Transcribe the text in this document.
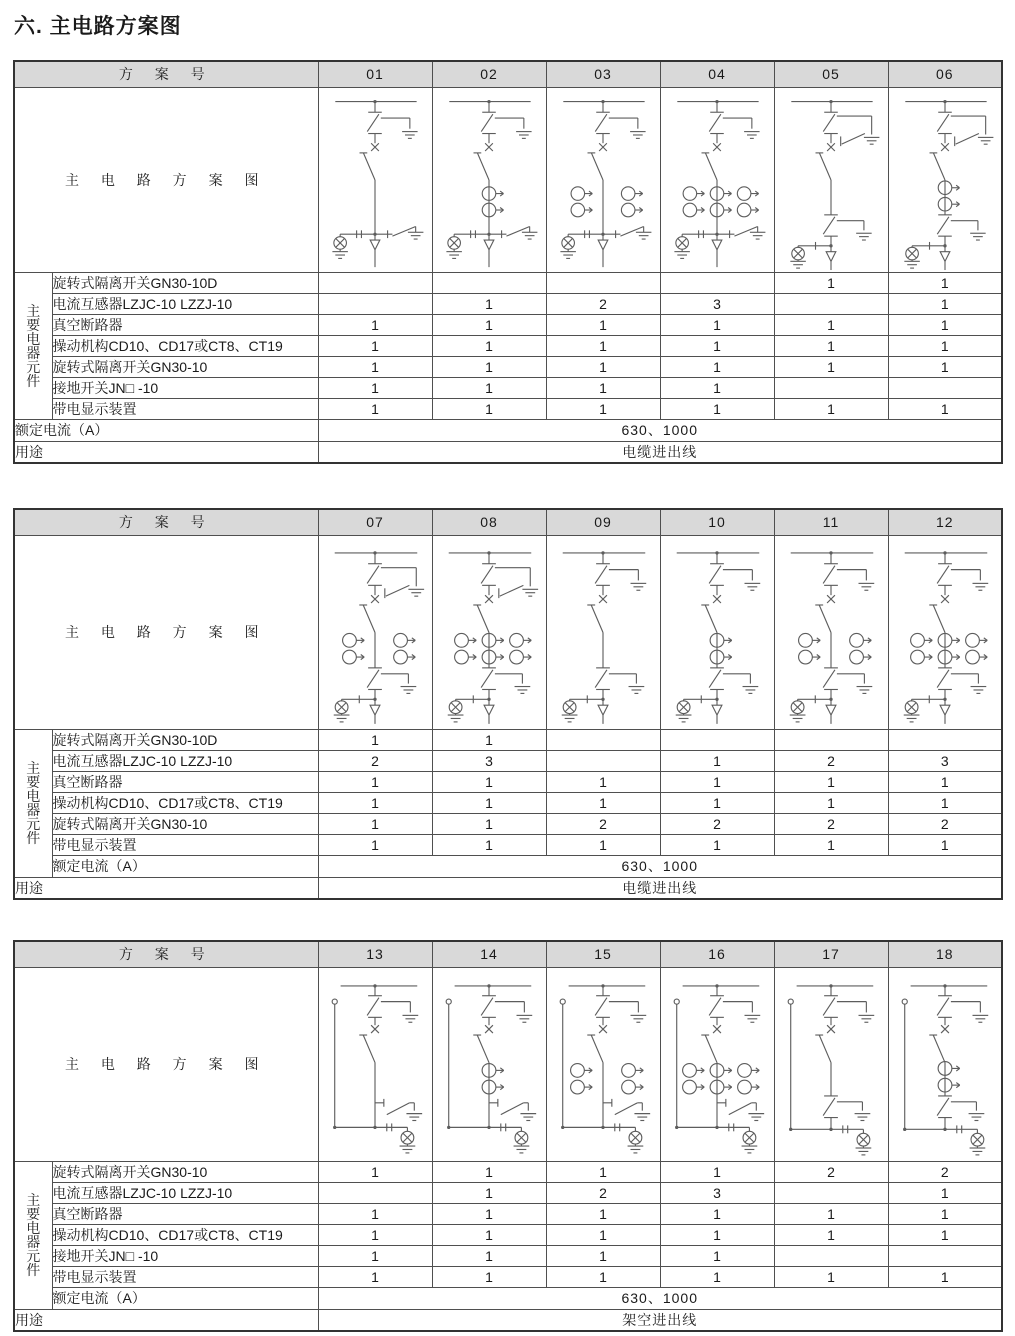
六. 主电路方案图
方 案 号		01	02	03	04	05	06
主 电 路 方 案 图	

主
要
电
器
元
件
	旋转式隔离开关GN30-10D					1	1
	电流互感器LZJC-10 LZZJ-10		1	2	3		1
	真空断路器	1	1	1	1	1	1
	操动机构CD10、CD17或CT8、CT19	1	1	1	1	1	1
	旋转式隔离开关GN30-10	1	1	1	1	1	1
	接地开关JN□ -10	1	1	1	1		
	带电显示装置	1	1	1	1	1	1
额定电流（A）		630、1000					
用途		电缆进出线					
方 案 号		07	08	09	10	11	12
主 电 路 方 案 图	

主
要
电
器
元
件
	旋转式隔离开关GN30-10D	1	1				
	电流互感器LZJC-10 LZZJ-10	2	3		1	2	3
	真空断路器	1	1	1	1	1	1
	操动机构CD10、CD17或CT8、CT19	1	1	1	1	1	1
	旋转式隔离开关GN30-10	1	1	2	2	2	2
	带电显示装置	1	1	1	1	1	1
	额定电流（A）	630、1000					
用途		电缆进出线					
方 案 号		13	14	15	16	17	18
主 电 路 方 案 图	

主
要
电
器
元
件
	旋转式隔离开关GN30-10	1	1	1	1	2	2
	电流互感器LZJC-10 LZZJ-10		1	2	3		1
	真空断路器	1	1	1	1	1	1
	操动机构CD10、CD17或CT8、CT19	1	1	1	1	1	1
	接地开关JN□ -10	1	1	1	1		
	带电显示装置	1	1	1	1	1	1
	额定电流（A）	630、1000					
用途		架空进出线					
